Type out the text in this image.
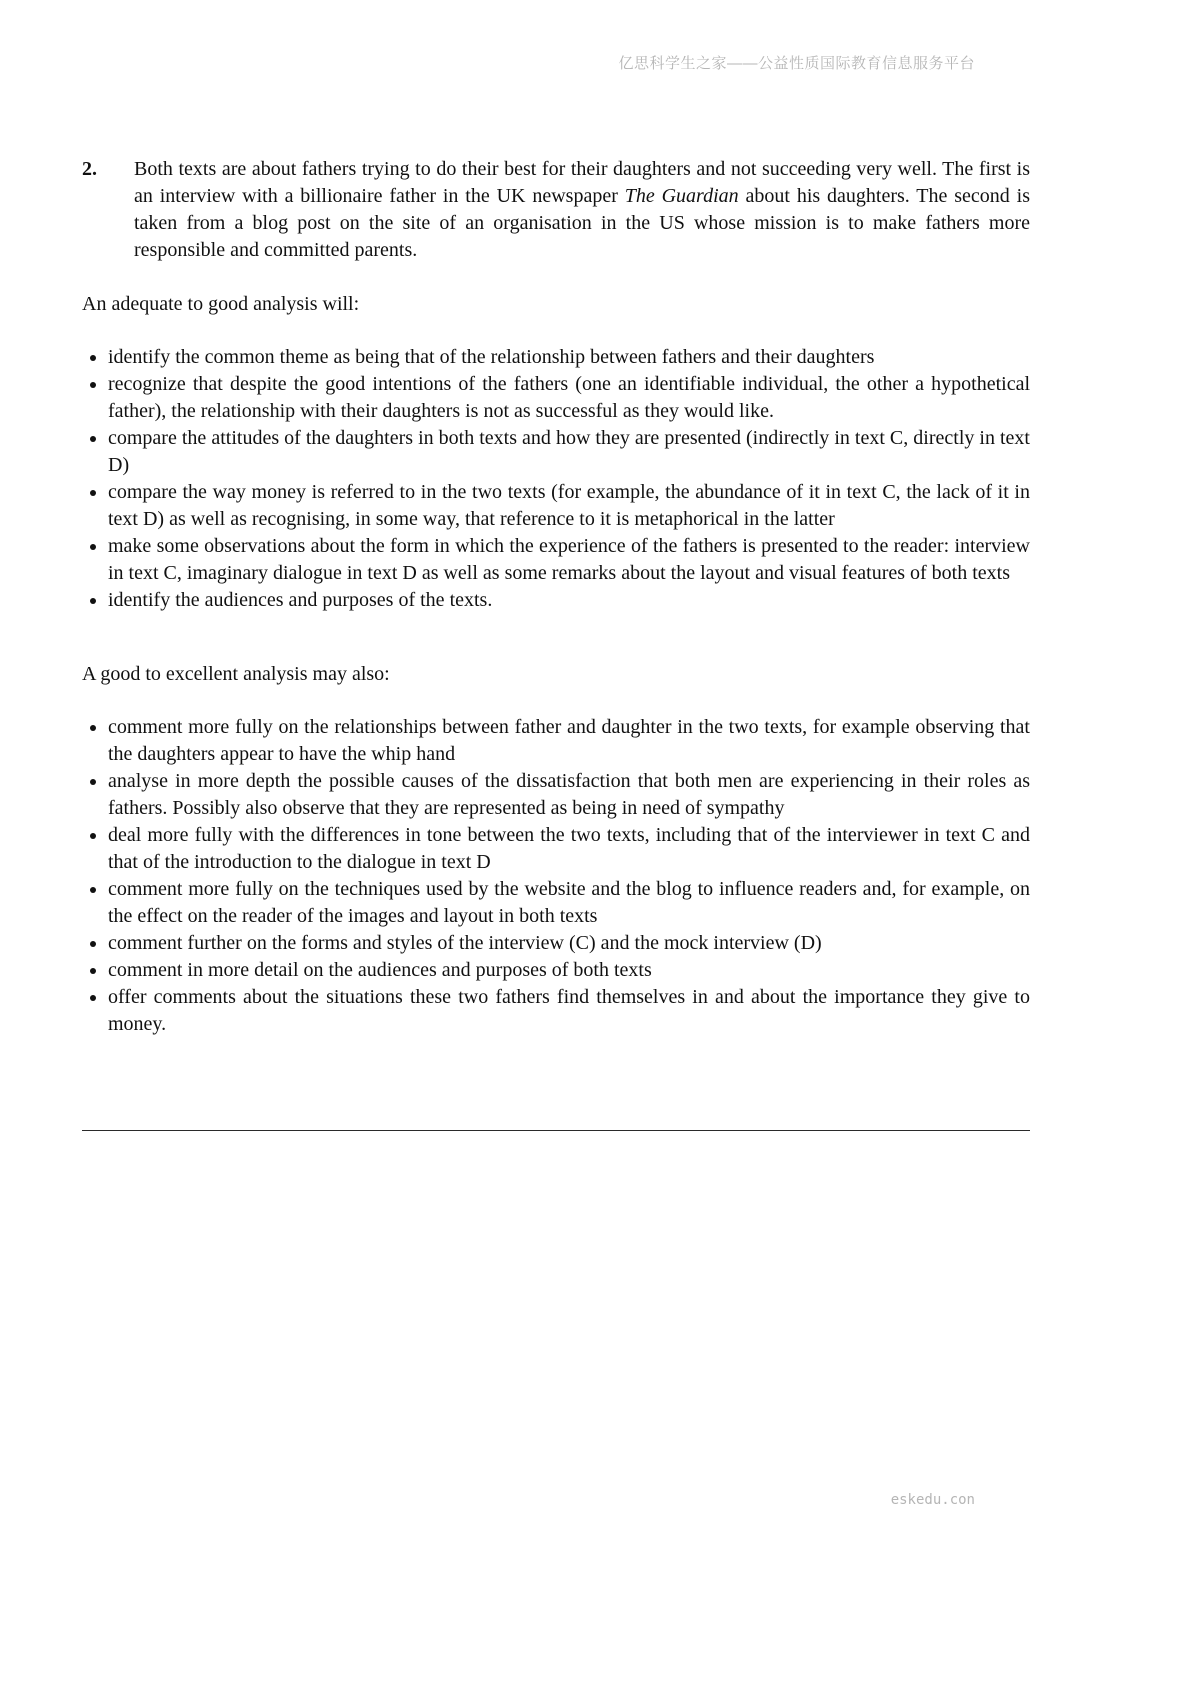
亿思科学生之家——公益性质国际教育信息服务平台
2.	Both texts are about fathers trying to do their best for their daughters and not succeeding very well. The first is an interview with a billionaire father in the UK newspaper The Guardian about his daughters. The second is taken from a blog post on the site of an organisation in the US whose mission is to make fathers more responsible and committed parents.
An adequate to good analysis will:
• identify the common theme as being that of the relationship between fathers and their daughters
• recognize that despite the good intentions of the fathers (one an identifiable individual, the other a hypothetical father), the relationship with their daughters is not as successful as they would like.
• compare the attitudes of the daughters in both texts and how they are presented (indirectly in text C, directly in text D)
• compare the way money is referred to in the two texts (for example, the abundance of it in text C, the lack of it in text D) as well as recognising, in some way, that reference to it is metaphorical in the latter
• make some observations about the form in which the experience of the fathers is presented to the reader: interview in text C, imaginary dialogue in text D as well as some remarks about the layout and visual features of both texts
• identify the audiences and purposes of the texts.
A good to excellent analysis may also:
• comment more fully on the relationships between father and daughter in the two texts, for example observing that the daughters appear to have the whip hand
• analyse in more depth the possible causes of the dissatisfaction that both men are experiencing in their roles as fathers. Possibly also observe that they are represented as being in need of sympathy
• deal more fully with the differences in tone between the two texts, including that of the interviewer in text C and that of the introduction to the dialogue in text D
• comment more fully on the techniques used by the website and the blog to influence readers and, for example, on the effect on the reader of the images and layout in both texts
• comment further on the forms and styles of the interview (C) and the mock interview (D)
• comment in more detail on the audiences and purposes of both texts
• offer comments about the situations these two fathers find themselves in and about the importance they give to money.
eskedu.con
